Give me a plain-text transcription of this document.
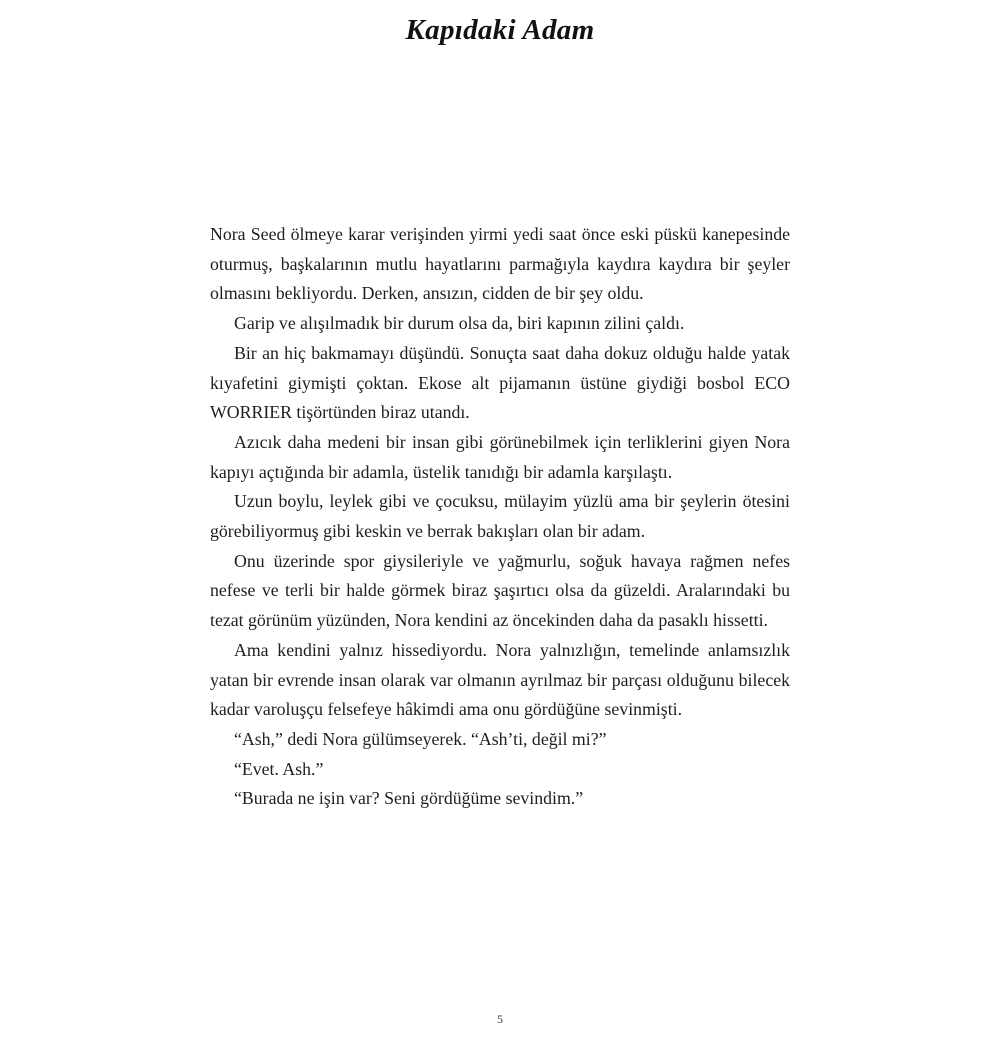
Kapıdaki Adam

Nora Seed ölmeye karar verişinden yirmi yedi saat önce eski püskü kanepesinde oturmuş, başkalarının mutlu hayatlarını parmağıyla kaydıra kaydıra bir şeyler olmasını bekliyordu. Derken, ansızın, cidden de bir şey oldu.

Garip ve alışılmadık bir durum olsa da, biri kapının zilini çaldı.

Bir an hiç bakmamayı düşündü. Sonuçta saat daha dokuz olduğu halde yatak kıyafetini giymişti çoktan. Ekose alt pijamanın üstüne giydiği bosbol ECO WORRIER tişörtünden biraz utandı.

Azıcık daha medeni bir insan gibi görünebilmek için terliklerini giyen Nora kapıyı açtığında bir adamla, üstelik tanıdığı bir adamla karşılaştı.

Uzun boylu, leylek gibi ve çocuksu, mülayim yüzlü ama bir şeylerin ötesini görebiliyormuş gibi keskin ve berrak bakışları olan bir adam.

Onu üzerinde spor giysileriyle ve yağmurlu, soğuk havaya rağmen nefes nefese ve terli bir halde görmek biraz şaşırtıcı olsa da güzeldi. Aralarındaki bu tezat görünüm yüzünden, Nora kendini az öncekinden daha da pasaklı hissetti.

Ama kendini yalnız hissediyordu. Nora yalnızlığın, temelinde anlamsızlık yatan bir evrende insan olarak var olmanın ayrılmaz bir parçası olduğunu bilecek kadar varoluşçu felsefeye hâkimdi ama onu gördüğüne sevinmişti.

“Ash,” dedi Nora gülümseyerek. “Ash’ti, değil mi?”

“Evet. Ash.”

“Burada ne işin var? Seni gördüğüme sevindim.”

5
